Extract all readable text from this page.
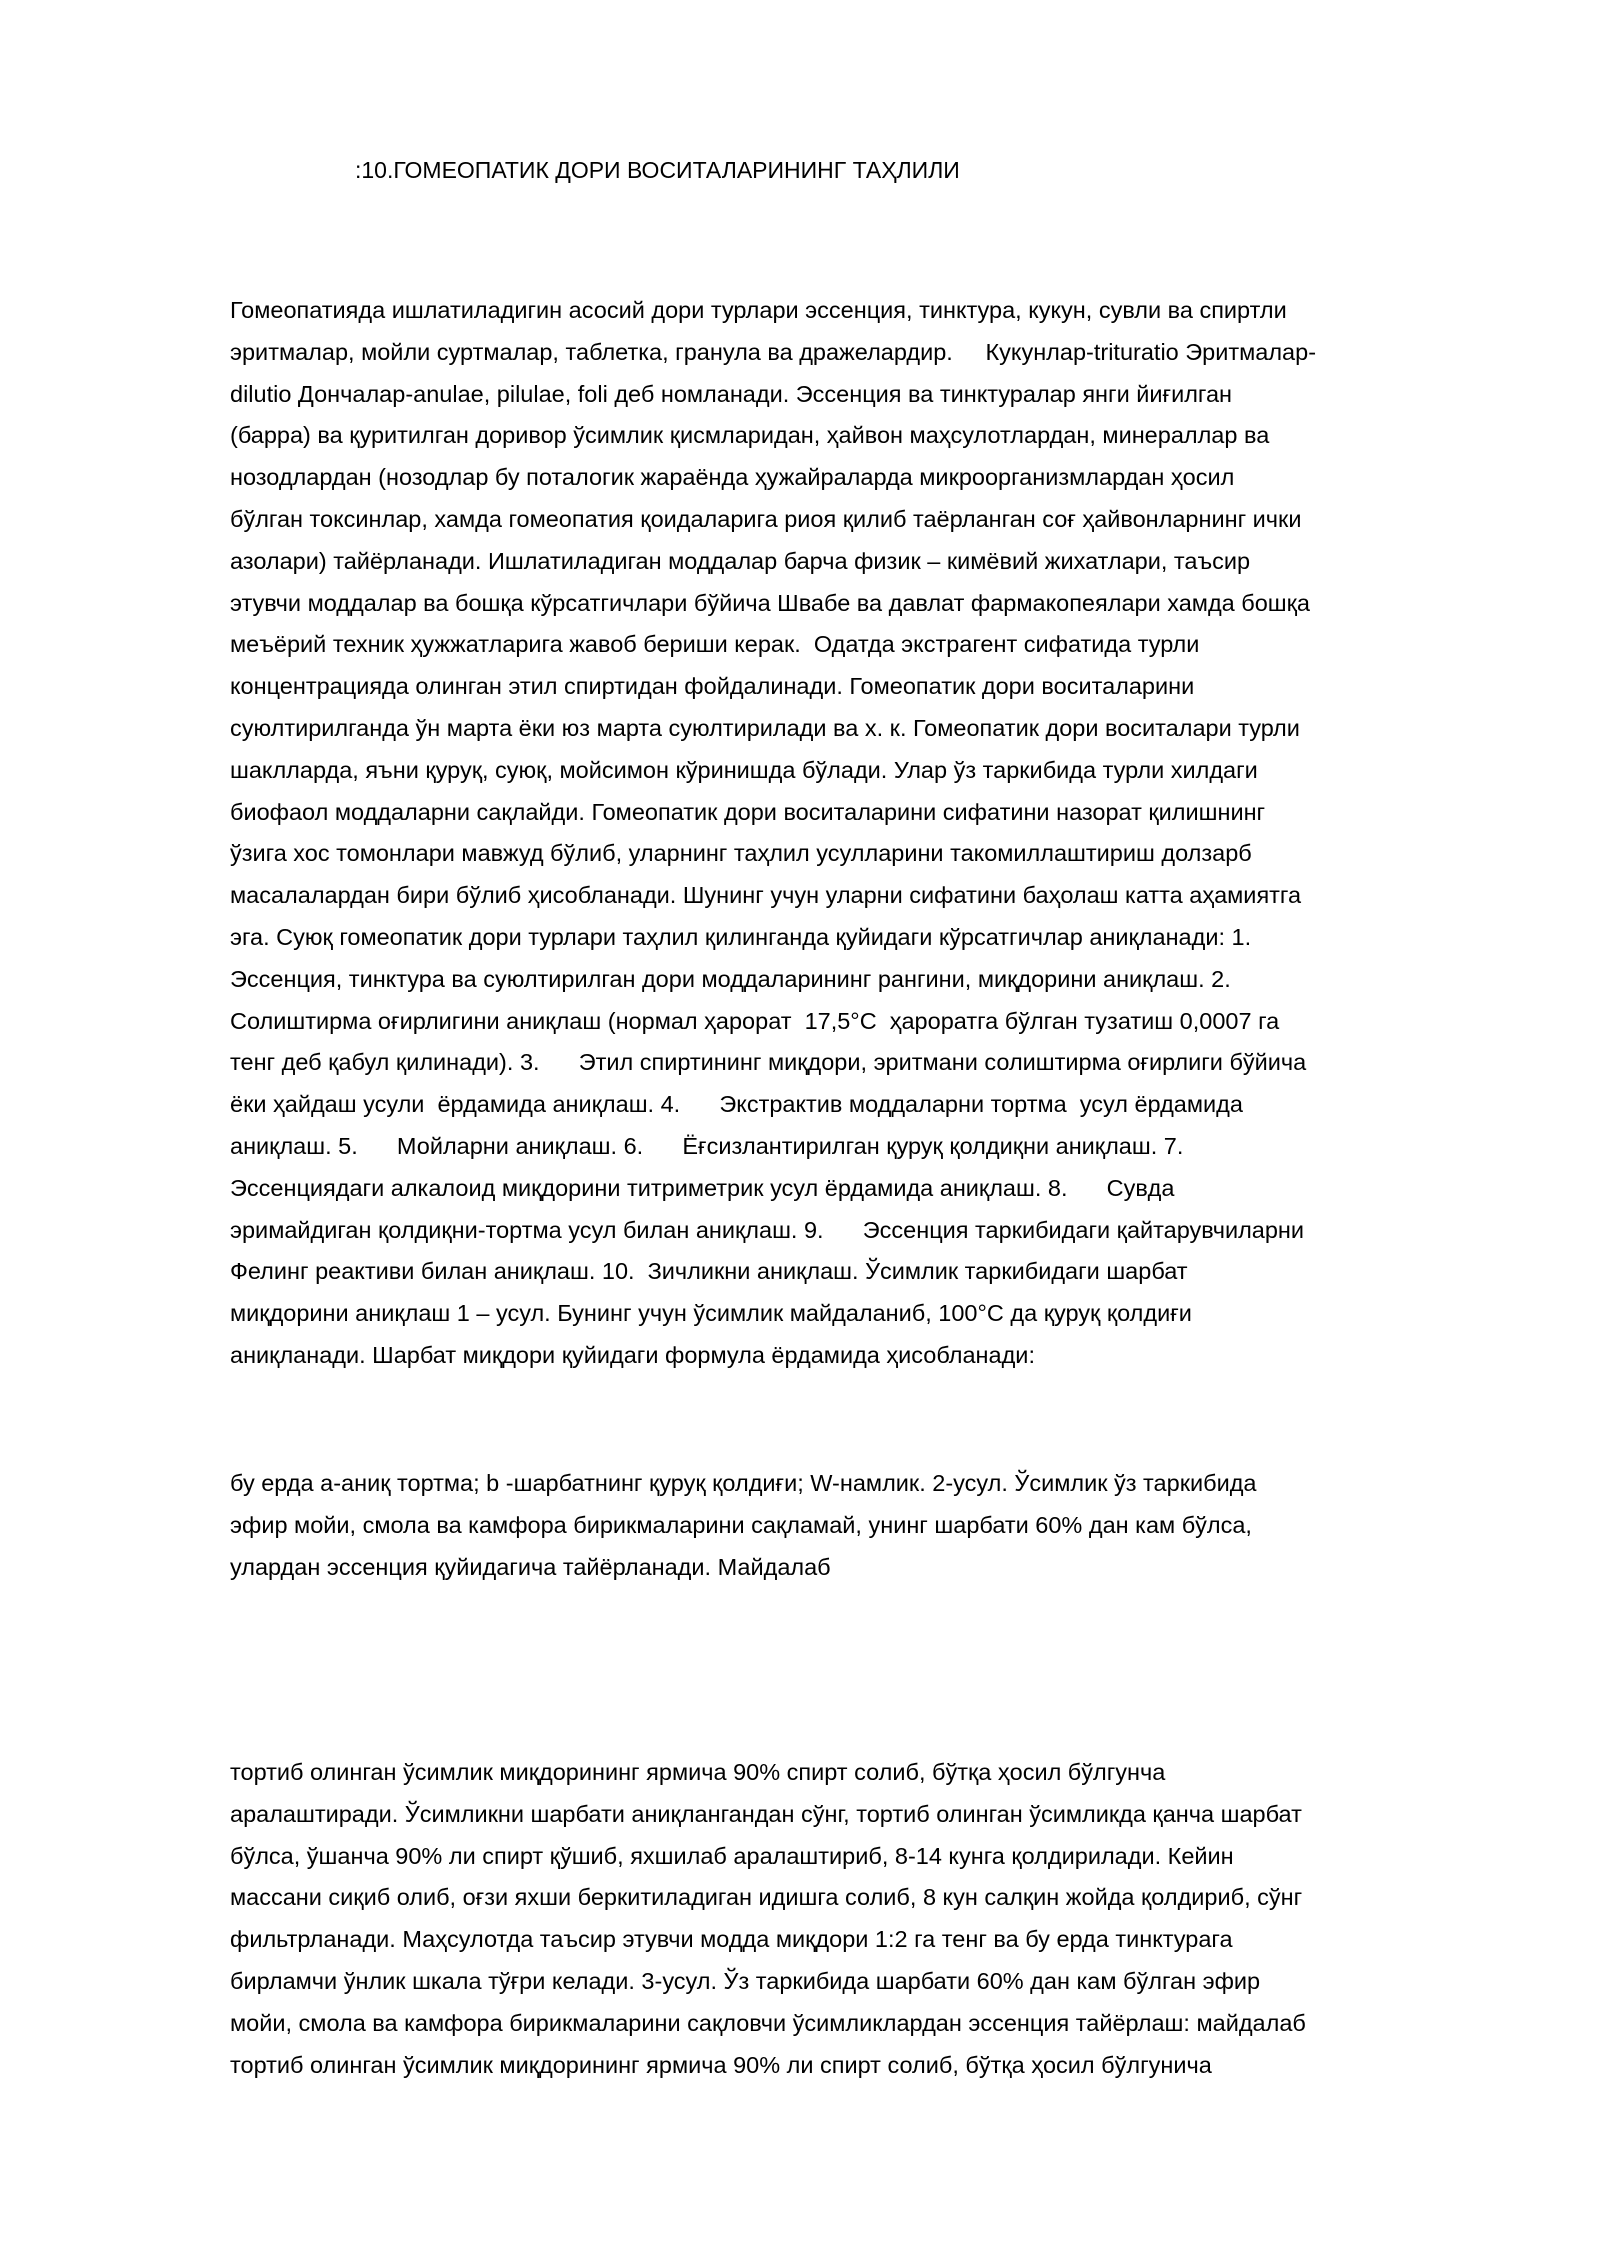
:10.ГОМЕОПАТИК ДОРИ ВОСИТАЛАРИНИНГ ТАҲЛИЛИ
Гомеопатияда ишлатиладигин асосий дори турлари эссенция, тинктура, кукун, сувли ва спиртли
эритмалар, мойли суртмалар, таблетка, гранула ва дражелардир.     Кукунлар-trituratio Эритмалар-
dilutio Дончалар-anulae, pilulae, foli деб номланади. Эссенция ва тинктуралар янги йиғилган
(барра) ва қуритилган доривор ўсимлик қисмларидан, ҳайвон маҳсулотлардан, минераллар ва
нозодлардан (нозодлар бу поталогик жараёнда ҳужайраларда микроорганизмлардан ҳосил
бўлган токсинлар, хамда гомеопатия қоидаларига риоя қилиб таёрланган соғ ҳайвонларнинг ички
азолари) тайёрланади. Ишлатиладиган моддалар барча физик – кимёвий жихатлари, таъсир
этувчи моддалар ва бошқа кўрсатгичлари бўйича Швабе ва давлат фармакопеялари хамда бошқа
меъёрий техник ҳужжатларига жавоб бериши керак.  Одатда экстрагент сифатида турли
концентрацияда олинган этил спиртидан фойдалинади. Гомеопатик дори воситаларини
суюлтирилганда ўн марта ёки юз марта суюлтирилади ва х. к. Гомеопатик дори воситалари турли
шаклларда, яъни қуруқ, суюқ, мойсимон кўринишда бўлади. Улар ўз таркибида турли хилдаги
биофаол моддаларни сақлайди. Гомеопатик дори воситаларини сифатини назорат қилишнинг
ўзига хос томонлари мавжуд бўлиб, уларнинг таҳлил усулларини такомиллаштириш долзарб
масалалардан бири бўлиб ҳисобланади. Шунинг учун уларни сифатини баҳолаш катта аҳамиятга
эга. Суюқ гомеопатик дори турлари таҳлил қилинганда қуйидаги кўрсатгичлар аниқланади: 1.
Эссенция, тинктура ва суюлтирилган дори моддаларининг рангини, миқдорини аниқлаш. 2.
Солиштирма оғирлигини аниқлаш (нормал ҳарорат  17,5°С  ҳароратга бўлган тузатиш 0,0007 га
тенг деб қабул қилинади). 3.      Этил спиртининг миқдори, эритмани солиштирма оғирлиги бўйича
ёки ҳайдаш усули  ёрдамида аниқлаш. 4.      Экстрактив моддаларни тортма  усул ёрдамида
аниқлаш. 5.      Мойларни аниқлаш. 6.      Ёғсизлантирилган қуруқ қолдиқни аниқлаш. 7.
Эссенциядаги алкалоид миқдорини титриметрик усул ёрдамида аниқлаш. 8.      Сувда
эримайдиган қолдиқни-тортма усул билан аниқлаш. 9.      Эссенция таркибидаги қайтарувчиларни
Фелинг реактиви билан аниқлаш. 10.  Зичликни аниқлаш. Ўсимлик таркибидаги шарбат
миқдорини аниқлаш 1 – усул. Бунинг учун ўсимлик майдаланиб, 100°С да қуруқ қолдиғи
аниқланади. Шарбат миқдори қуйидаги формула ёрдамида ҳисобланади:
бу ерда а-аниқ тортма; b -шарбатнинг қуруқ қолдиғи; W-намлик. 2-усул. Ўсимлик ўз таркибида
эфир мойи, смола ва камфора бирикмаларини сақламай, унинг шарбати 60% дан кам бўлса,
улардан эссенция қуйидагича тайёрланади. Майдалаб
тортиб олинган ўсимлик миқдорининг ярмича 90% спирт солиб, бўтқа ҳосил бўлгунча
аралаштиради. Ўсимликни шарбати аниқлангандан сўнг, тортиб олинган ўсимликда қанча шарбат
бўлса, ўшанча 90% ли спирт қўшиб, яхшилаб аралаштириб, 8-14 кунга қолдирилади. Кейин
массани сиқиб олиб, оғзи яхши беркитиладиган идишга солиб, 8 кун салқин жойда қолдириб, сўнг
фильтрланади. Маҳсулотда таъсир этувчи модда миқдори 1:2 га тенг ва бу ерда тинктурага
бирламчи ўнлик шкала тўғри келади. 3-усул. Ўз таркибида шарбати 60% дан кам бўлган эфир
мойи, смола ва камфора бирикмаларини сақловчи ўсимликлардан эссенция тайёрлаш: майдалаб
тортиб олинган ўсимлик миқдорининг ярмича 90% ли спирт солиб, бўтқа ҳосил бўлгунича
